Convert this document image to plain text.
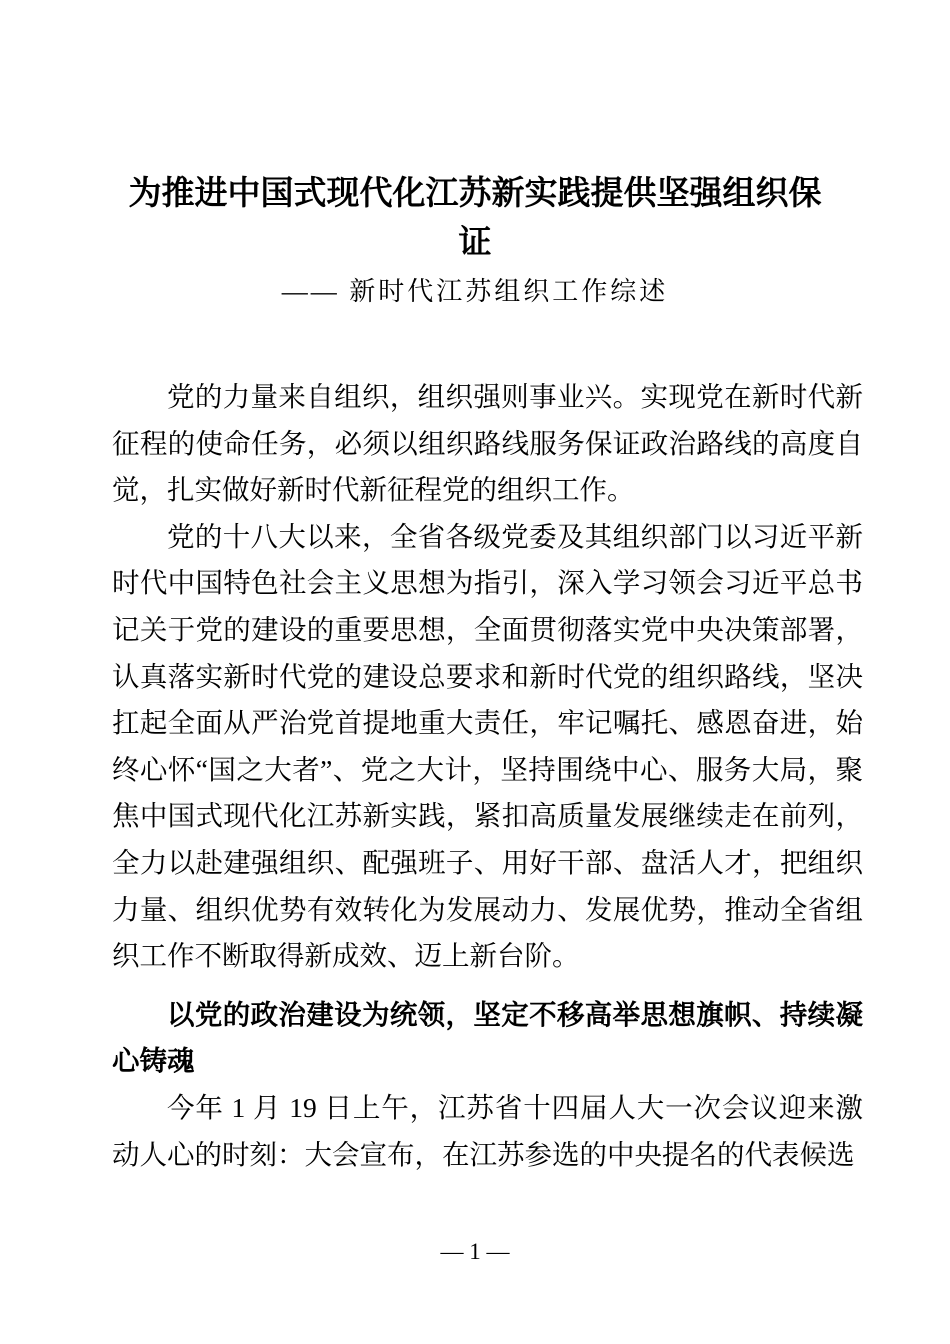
为推进中国式现代化江苏新实践提供坚强组织保证
—— 新时代江苏组织工作综述

党的力量来自组织，组织强则事业兴。实现党在新时代新征程的使命任务，必须以组织路线服务保证政治路线的高度自觉，扎实做好新时代新征程党的组织工作。

党的十八大以来，全省各级党委及其组织部门以习近平新时代中国特色社会主义思想为指引，深入学习领会习近平总书记关于党的建设的重要思想，全面贯彻落实党中央决策部署，认真落实新时代党的建设总要求和新时代党的组织路线，坚决扛起全面从严治党首提地重大责任，牢记嘱托、感恩奋进，始终心怀“国之大者”、党之大计，坚持围绕中心、服务大局，聚焦中国式现代化江苏新实践，紧扣高质量发展继续走在前列，全力以赴建强组织、配强班子、用好干部、盘活人才，把组织力量、组织优势有效转化为发展动力、发展优势，推动全省组织工作不断取得新成效、迈上新台阶。

以党的政治建设为统领，坚定不移高举思想旗帜、持续凝心铸魂

今年 1 月 19 日上午，江苏省十四届人大一次会议迎来激动人心的时刻：大会宣布，在江苏参选的中央提名的代表候选

— 1 —
